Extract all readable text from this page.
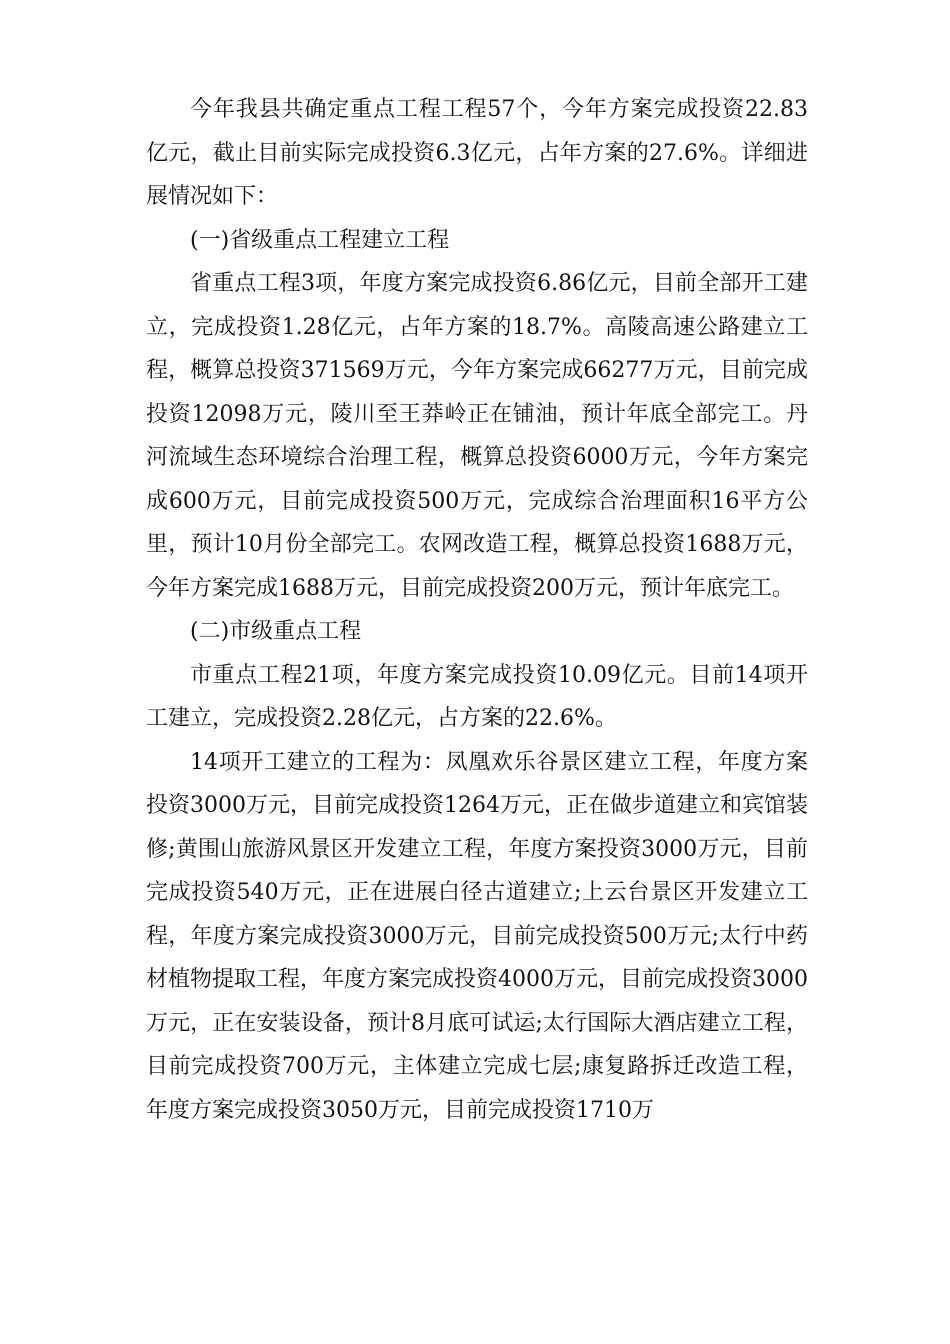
今年我县共确定重点工程工程57个，今年方案完成投资22.83亿元，截止目前实际完成投资6.3亿元，占年方案的27.6%。详细进展情况如下：

(一)省级重点工程建立工程

省重点工程3项，年度方案完成投资6.86亿元，目前全部开工建立，完成投资1.28亿元，占年方案的18.7%。高陵高速公路建立工程，概算总投资371569万元，今年方案完成66277万元，目前完成投资12098万元，陵川至王莽岭正在铺油，预计年底全部完工。丹河流域生态环境综合治理工程，概算总投资6000万元，今年方案完成600万元，目前完成投资500万元，完成综合治理面积16平方公里，预计10月份全部完工。农网改造工程，概算总投资1688万元，今年方案完成1688万元，目前完成投资200万元，预计年底完工。

(二)市级重点工程

市重点工程21项，年度方案完成投资10.09亿元。目前14项开工建立，完成投资2.28亿元，占方案的22.6%。

14项开工建立的工程为：凤凰欢乐谷景区建立工程，年度方案投资3000万元，目前完成投资1264万元，正在做步道建立和宾馆装修;黄围山旅游风景区开发建立工程，年度方案投资3000万元，目前完成投资540万元，正在进展白径古道建立;上云台景区开发建立工程，年度方案完成投资3000万元，目前完成投资500万元;太行中药材植物提取工程，年度方案完成投资4000万元，目前完成投资3000万元，正在安装设备，预计8月底可试运;太行国际大酒店建立工程，目前完成投资700万元，主体建立完成七层;康复路拆迁改造工程，年度方案完成投资3050万元，目前完成投资1710万
